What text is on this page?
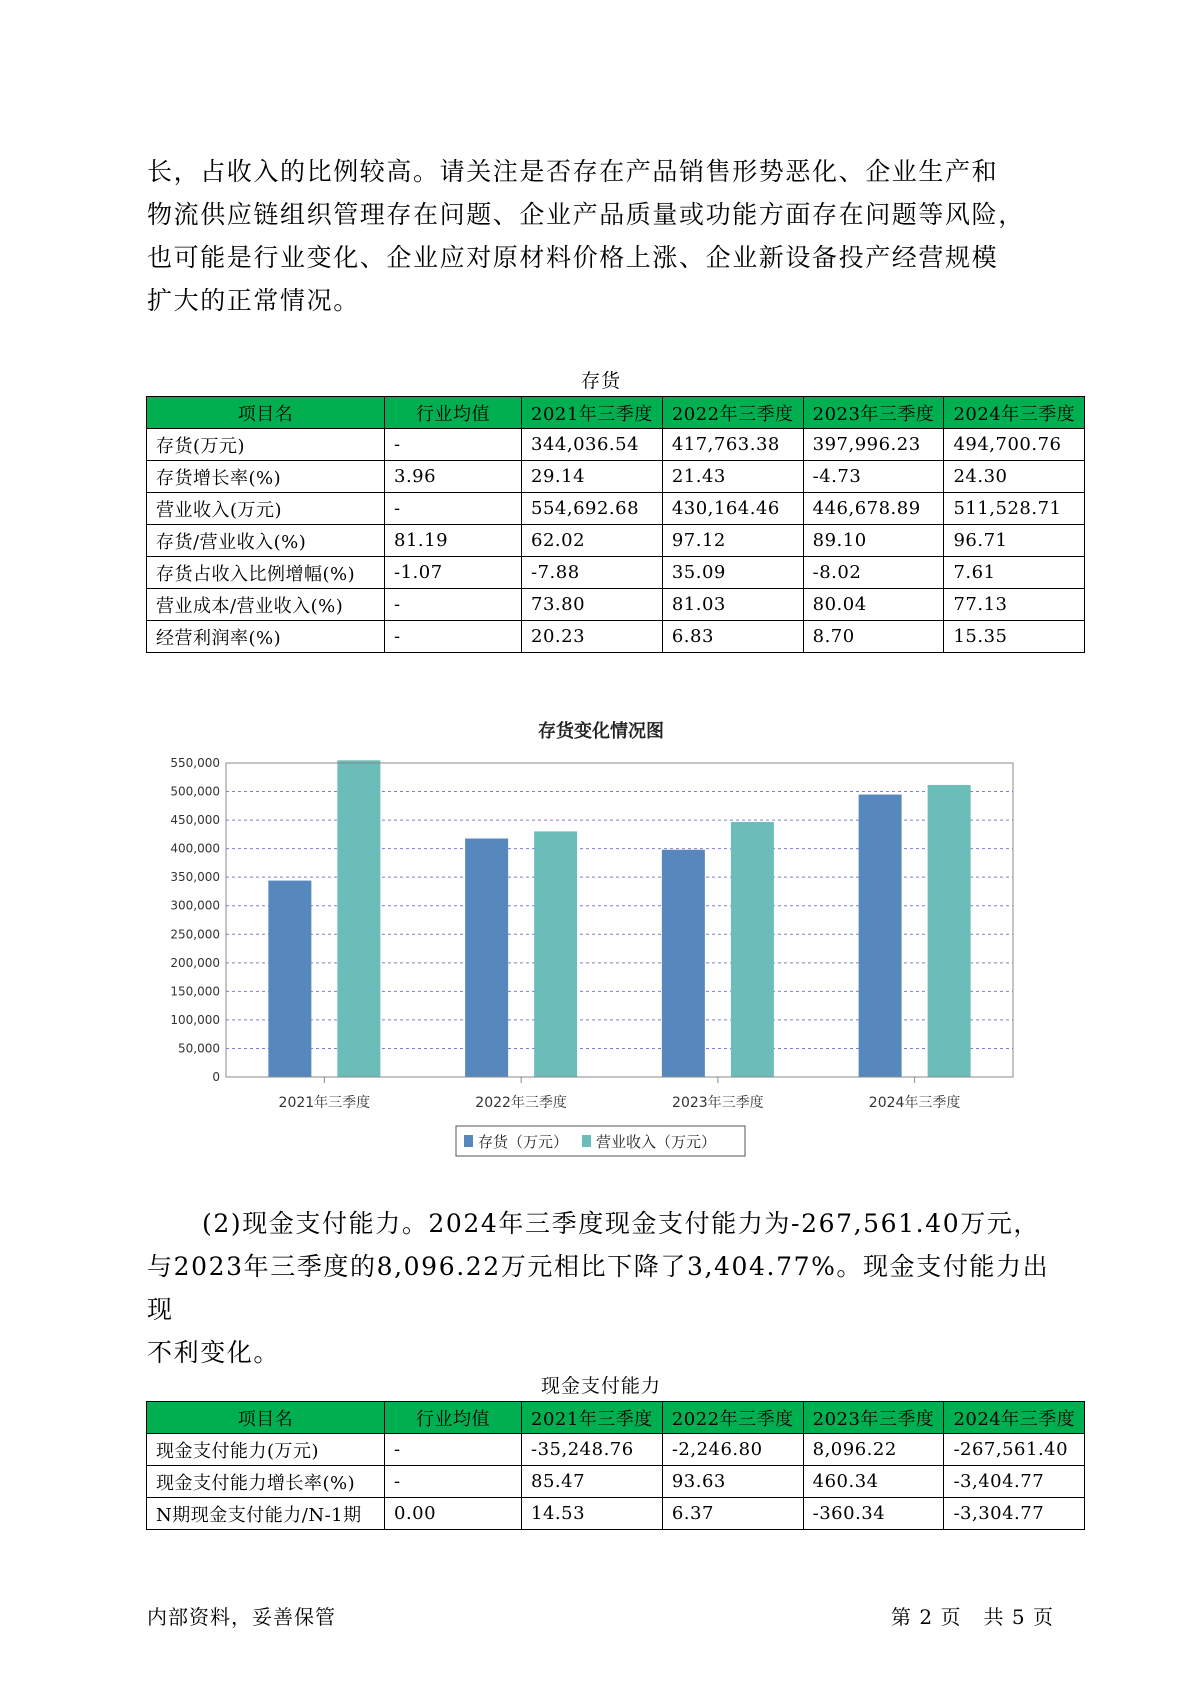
长，占收入的比例较高。请关注是否存在产品销售形势恶化、企业生产和
物流供应链组织管理存在问题、企业产品质量或功能方面存在问题等风险，
也可能是行业变化、企业应对原材料价格上涨、企业新设备投产经营规模
扩大的正常情况。
存货
项目名	行业均值	2021年三季度	2022年三季度	2023年三季度	2024年三季度
存货(万元)	-	344,036.54	417,763.38	397,996.23	494,700.76
存货增长率(%)	3.96	29.14	21.43	-4.73	24.30
营业收入(万元)	-	554,692.68	430,164.46	446,678.89	511,528.71
存货/营业收入(%)	81.19	62.02	97.12	89.10	96.71
存货占收入比例增幅(%)	-1.07	-7.88	35.09	-8.02	7.61
营业成本/营业收入(%)	-	73.80	81.03	80.04	77.13
经营利润率(%)	-	20.23	6.83	8.70	15.35
存货变化情况图
0
50,000
100,000
150,000
200,000
250,000
300,000
350,000
400,000
450,000
500,000
550,000
2021年三季度	2022年三季度	2023年三季度	2024年三季度
存货（万元） 营业收入（万元）
(2)现金支付能力。2024年三季度现金支付能力为-267,561.40万元，
与2023年三季度的8,096.22万元相比下降了3,404.77%。现金支付能力出现
不利变化。
现金支付能力
项目名	行业均值	2021年三季度	2022年三季度	2023年三季度	2024年三季度
现金支付能力(万元)	-	-35,248.76	-2,246.80	8,096.22	-267,561.40
现金支付能力增长率(%)	-	85.47	93.63	460.34	-3,404.77
N期现金支付能力/N-1期	0.00	14.53	6.37	-360.34	-3,304.77
内部资料，妥善保管	第 2 页   共 5 页
